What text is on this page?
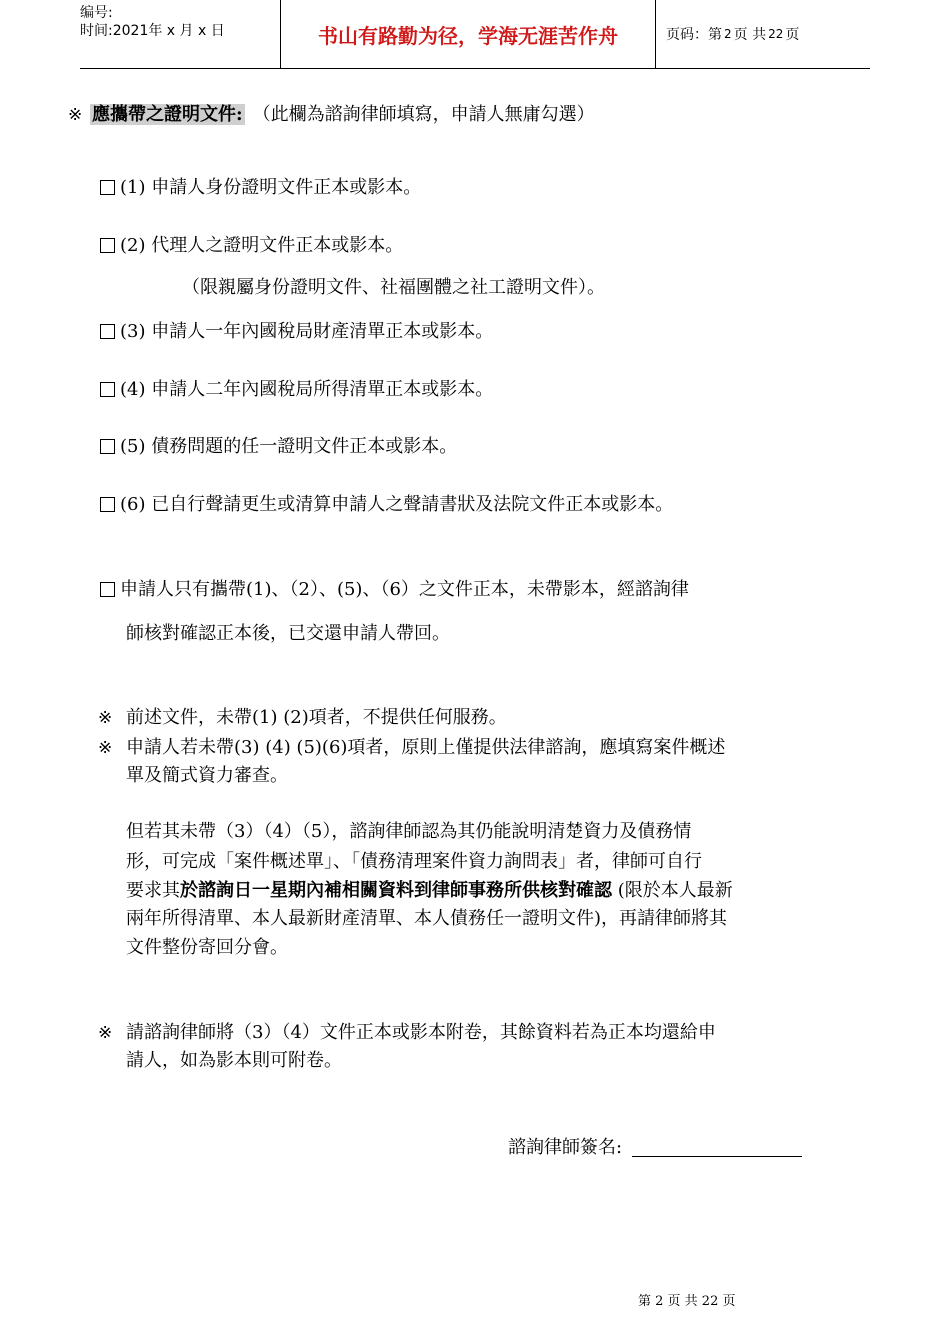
编号:
时间:2021年 x 月 x 日	书山有路勤为径，学海无涯苦作舟	页码：第 2 页 共 22 页
※ 應攜帶之證明文件: （此欄為諮詢律師填寫，申請人無庸勾選）
(1) 申請人身份證明文件正本或影本。
(2) 代理人之證明文件正本或影本。
（限親屬身份證明文件、社福團體之社工證明文件）。
(3) 申請人一年內國稅局財產清單正本或影本。
(4) 申請人二年內國稅局所得清單正本或影本。
(5) 債務問題的任一證明文件正本或影本。
(6) 已自行聲請更生或清算申請人之聲請書狀及法院文件正本或影本。
申請人只有攜帶(1)、（2）、(5)、（6）之文件正本，未帶影本，經諮詢律
師核對確認正本後，已交還申請人帶回。
※ 前述文件，未帶(1) (2)項者，不提供任何服務。
※ 申請人若未帶(3) (4) (5)(6)項者，原則上僅提供法律諮詢，應填寫案件概述
單及簡式資力審查。
但若其未帶（3）（4）（5），諮詢律師認為其仍能說明清楚資力及債務情
形，可完成「案件概述單」、「債務清理案件資力詢問表」者，律師可自行
要求其於諮詢日一星期內補相關資料到律師事務所供核對確認 (限於本人最新
兩年所得清單、本人最新財產清單、本人債務任一證明文件)，再請律師將其
文件整份寄回分會。
※ 請諮詢律師將（3）（4）文件正本或影本附卷，其餘資料若為正本均還給申
請人，如為影本則可附卷。
諮詢律師簽名:
第 2 页 共 22 页
